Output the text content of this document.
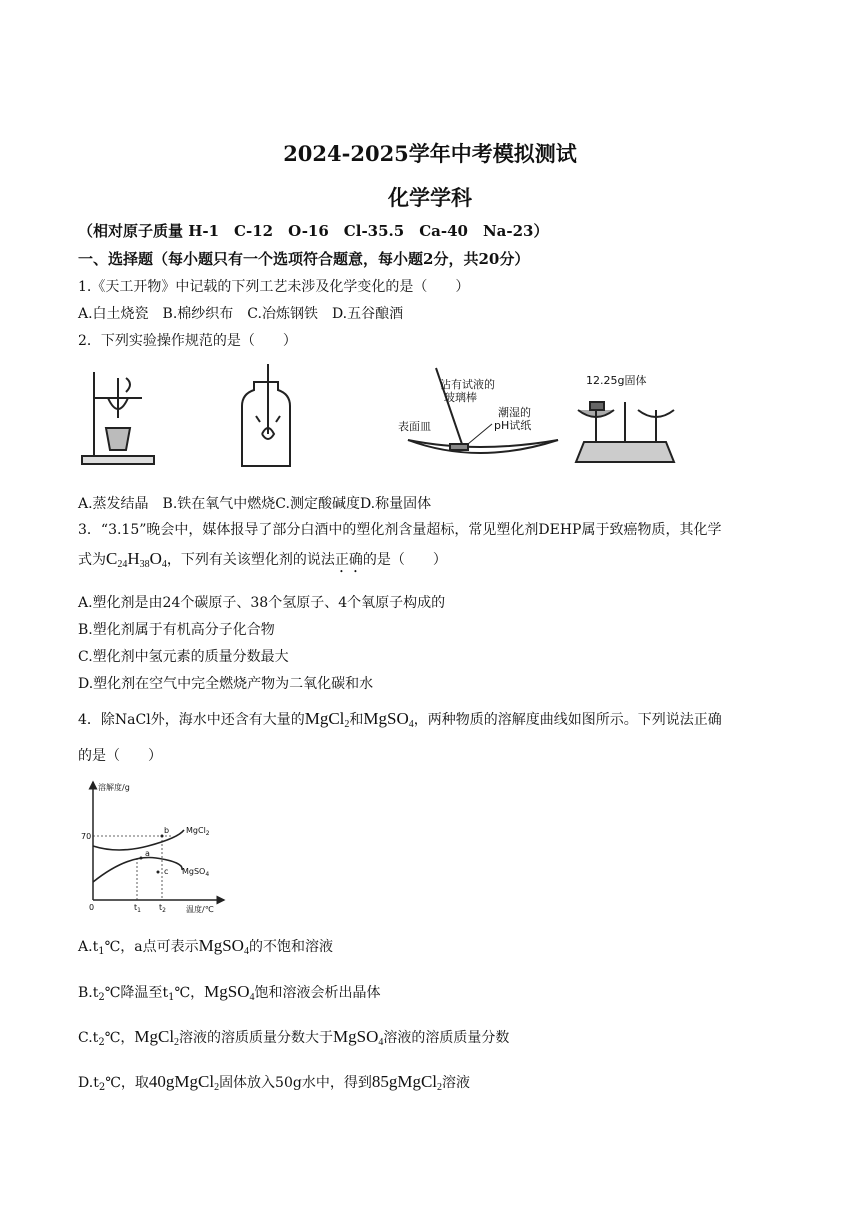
2024-2025学年中考模拟测试
化学学科
（相对原子质量 H-1　C-12　O-16　Cl-35.5　Ca-40　Na-23）
一、选择题（每小题只有一个选项符合题意，每小题2分，共20分）
1.《天工开物》中记载的下列工艺未涉及化学变化的是（　　）
A.白土烧瓷　B.棉纱织布　C.冶炼钢铁　D.五谷酿酒
2．下列实验操作规范的是（　　）
沾有试液的
玻璃棒
表面皿
潮湿的
pH试纸
12.25g固体
A.蒸发结晶　B.铁在氧气中燃烧C.测定酸碱度D.称量固体
3．“3.15”晚会中，媒体报导了部分白酒中的塑化剂含量超标，常见塑化剂DEHP属于致癌物质，其化学
式为$C_{24}H_{38}O_4$，下列有关该塑化剂的说法正确的是（　　）
A.塑化剂是由24个碳原子、38个氢原子、4个氧原子构成的
B.塑化剂属于有机高分子化合物
C.塑化剂中氢元素的质量分数最大
D.塑化剂在空气中完全燃烧产物为二氧化碳和水
4．除NaCl外，海水中还含有大量的MgCl$_2$和MgSO$_4$，两种物质的溶解度曲线如图所示。下列说法正确
的是（　　）
溶解度/g
温度/℃
0
70
MgCl$_2$
MgSO$_4$
a
b
c
$t_1$ $t_2$
$A.t_1℃$，a点可表示MgSO$_4$的不饱和溶液
$B.t_2℃$降温至$t_1℃$，MgSO$_4$饱和溶液会析出晶体
$C.t_2℃$，MgCl$_2$溶液的溶质质量分数大于MgSO$_4$溶液的溶质质量分数
$D.t_2℃$，取40gMgCl$_2$固体放入50g水中，得到85gMgCl$_2$溶液
